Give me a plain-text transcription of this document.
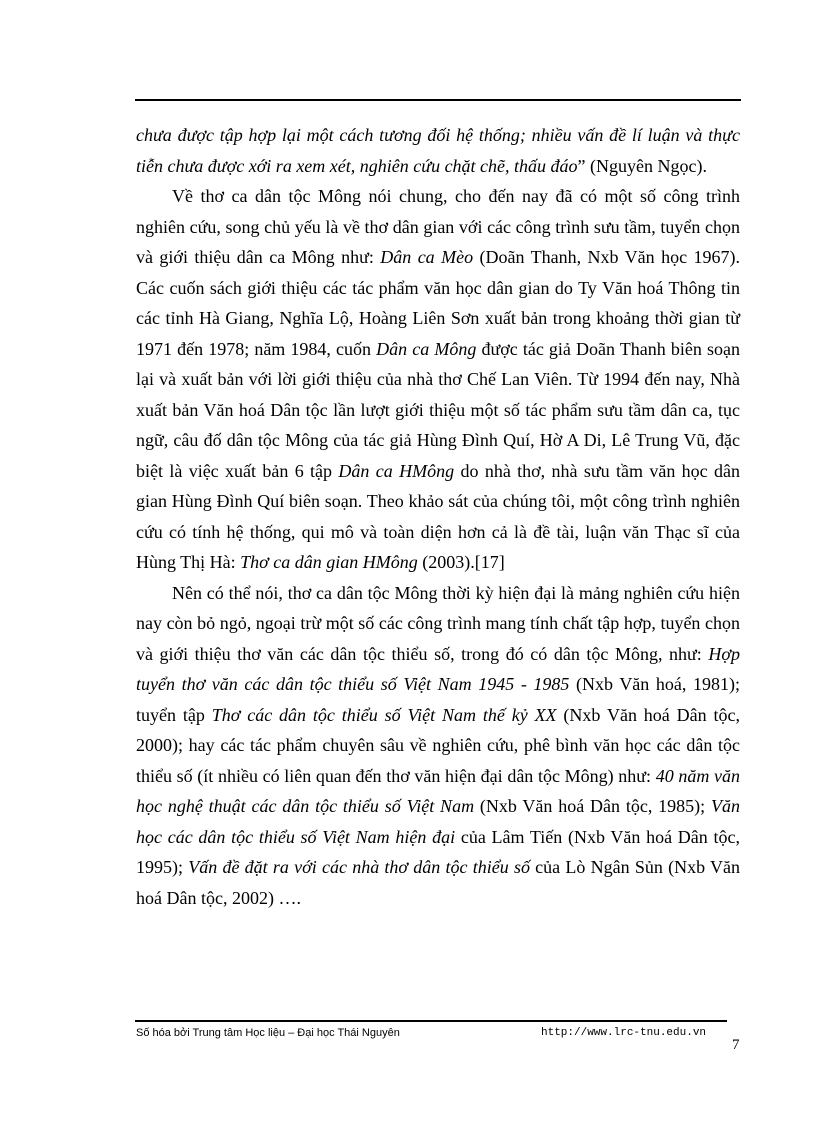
chưa được tập hợp lại một cách tương đối hệ thống; nhiều vấn đề lí luận và thực tiễn chưa được xới ra xem xét, nghiên cứu chặt chẽ, thấu đáo” (Nguyên Ngọc).

Về thơ ca dân tộc Mông nói chung, cho đến nay đã có một số công trình nghiên cứu, song chủ yếu là về thơ dân gian với các công trình sưu tầm, tuyển chọn và giới thiệu dân ca Mông như: Dân ca Mèo (Doãn Thanh, Nxb Văn học 1967). Các cuốn sách giới thiệu các tác phẩm văn học dân gian do Ty Văn hoá Thông tin các tỉnh Hà Giang, Nghĩa Lộ, Hoàng Liên Sơn xuất bản trong khoảng thời gian từ 1971 đến 1978; năm 1984, cuốn Dân ca Mông được tác giả Doãn Thanh biên soạn lại và xuất bản với lời giới thiệu của nhà thơ Chế Lan Viên. Từ 1994 đến nay, Nhà xuất bản Văn hoá Dân tộc lần lượt giới thiệu một số tác phẩm sưu tầm dân ca, tục ngữ, câu đố dân tộc Mông của tác giả Hùng Đình Quí, Hờ A Di, Lê Trung Vũ, đặc biệt là việc xuất bản 6 tập Dân ca HMông do nhà thơ, nhà sưu tầm văn học dân gian Hùng Đình Quí biên soạn. Theo khảo sát của chúng tôi, một công trình nghiên cứu có tính hệ thống, qui mô và toàn diện hơn cả là đề tài, luận văn Thạc sĩ của Hùng Thị Hà: Thơ ca dân gian HMông (2003).[17]

Nên có thể nói, thơ ca dân tộc Mông thời kỳ hiện đại là mảng nghiên cứu hiện nay còn bỏ ngỏ, ngoại trừ một số các công trình mang tính chất tập hợp, tuyển chọn và giới thiệu thơ văn các dân tộc thiểu số, trong đó có dân tộc Mông, như: Hợp tuyển thơ văn các dân tộc thiểu số Việt Nam 1945 - 1985 (Nxb Văn hoá, 1981); tuyển tập Thơ các dân tộc thiểu số Việt Nam thế kỷ XX (Nxb Văn hoá Dân tộc, 2000); hay các tác phẩm chuyên sâu về nghiên cứu, phê bình văn học các dân tộc thiểu số (ít nhiều có liên quan đến thơ văn hiện đại dân tộc Mông) như: 40 năm văn học nghệ thuật các dân tộc thiểu số Việt Nam (Nxb Văn hoá Dân tộc, 1985); Văn học các dân tộc thiểu số Việt Nam hiện đại của Lâm Tiến (Nxb Văn hoá Dân tộc, 1995); Vấn đề đặt ra với các nhà thơ dân tộc thiểu số của Lò Ngân Sủn (Nxb Văn hoá Dân tộc, 2002) ….

Số hóa bởi Trung tâm Học liệu – Đại học Thái Nguyên	http://www.lrc-tnu.edu.vn
7
